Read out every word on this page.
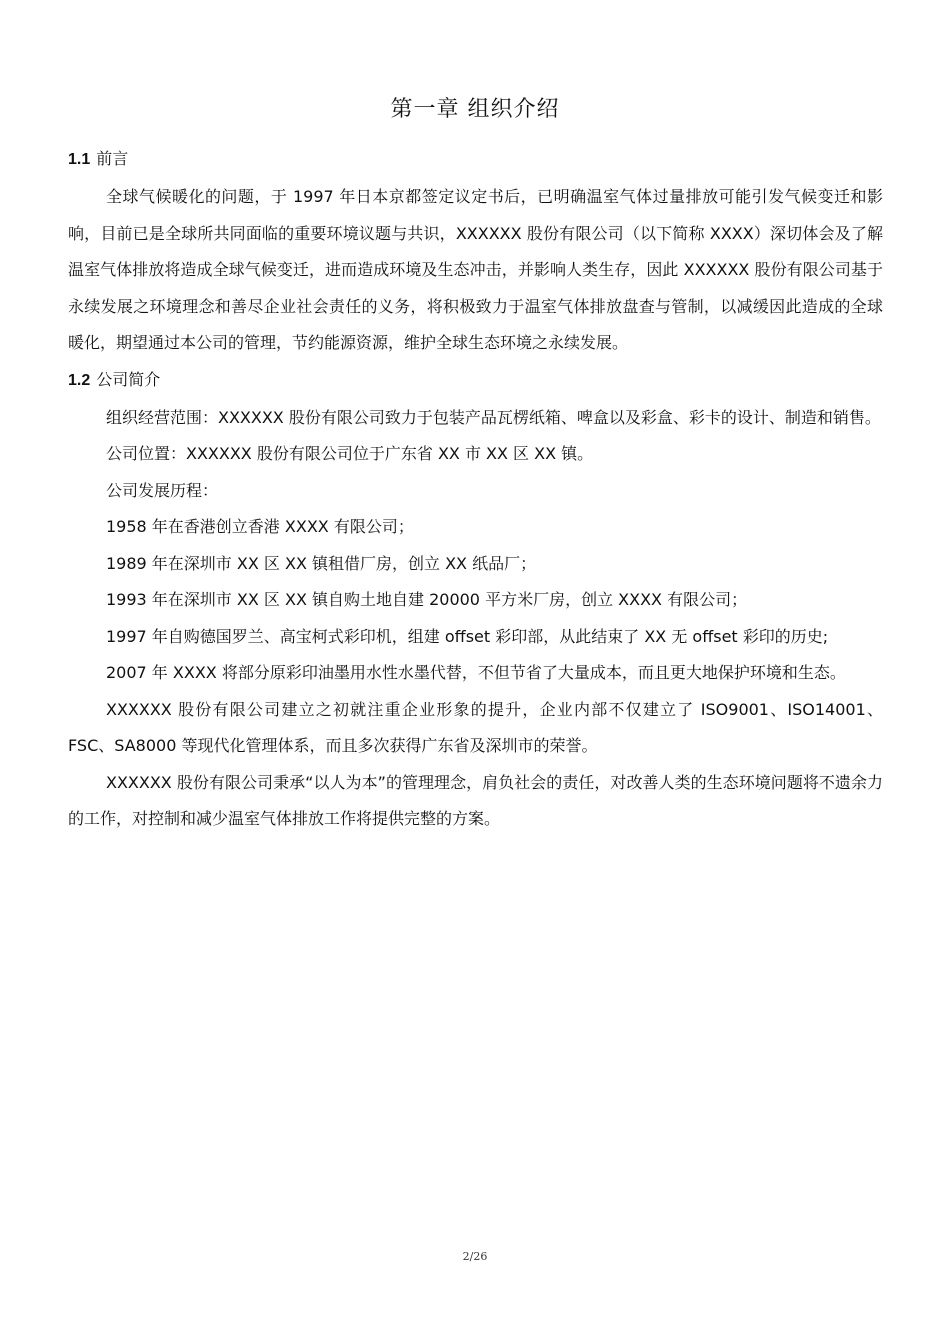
第一章 组织介绍
1.1 前言

全球气候暖化的问题，于 1997 年日本京都签定议定书后，已明确温室气体过量排放可能引发气候变迁和影响，目前已是全球所共同面临的重要环境议题与共识，XXXXXX 股份有限公司（以下简称 XXXX）深切体会及了解温室气体排放将造成全球气候变迁，进而造成环境及生态冲击，并影响人类生存，因此 XXXXXX 股份有限公司基于永续发展之环境理念和善尽企业社会责任的义务，将积极致力于温室气体排放盘查与管制，以减缓因此造成的全球暖化，期望通过本公司的管理，节约能源资源，维护全球生态环境之永续发展。

1.2 公司简介

组织经营范围：XXXXXX 股份有限公司致力于包装产品瓦楞纸箱、啤盒以及彩盒、彩卡的设计、制造和销售。

公司位置：XXXXXX 股份有限公司位于广东省 XX 市 XX 区 XX 镇。

公司发展历程：

1958 年在香港创立香港 XXXX 有限公司；

1989 年在深圳市 XX 区 XX 镇租借厂房，创立 XX 纸品厂；

1993 年在深圳市 XX 区 XX 镇自购土地自建 20000 平方米厂房，创立 XXXX 有限公司；

1997 年自购德国罗兰、高宝柯式彩印机，组建 offset 彩印部，从此结束了 XX 无 offset 彩印的历史;

2007 年 XXXX 将部分原彩印油墨用水性水墨代替，不但节省了大量成本，而且更大地保护环境和生态。

XXXXXX 股份有限公司建立之初就注重企业形象的提升，企业内部不仅建立了 ISO9001、ISO14001、FSC、SA8000 等现代化管理体系，而且多次获得广东省及深圳市的荣誉。

XXXXXX 股份有限公司秉承“以人为本”的管理理念，肩负社会的责任，对改善人类的生态环境问题将不遗余力的工作，对控制和减少温室气体排放工作将提供完整的方案。

2/26
